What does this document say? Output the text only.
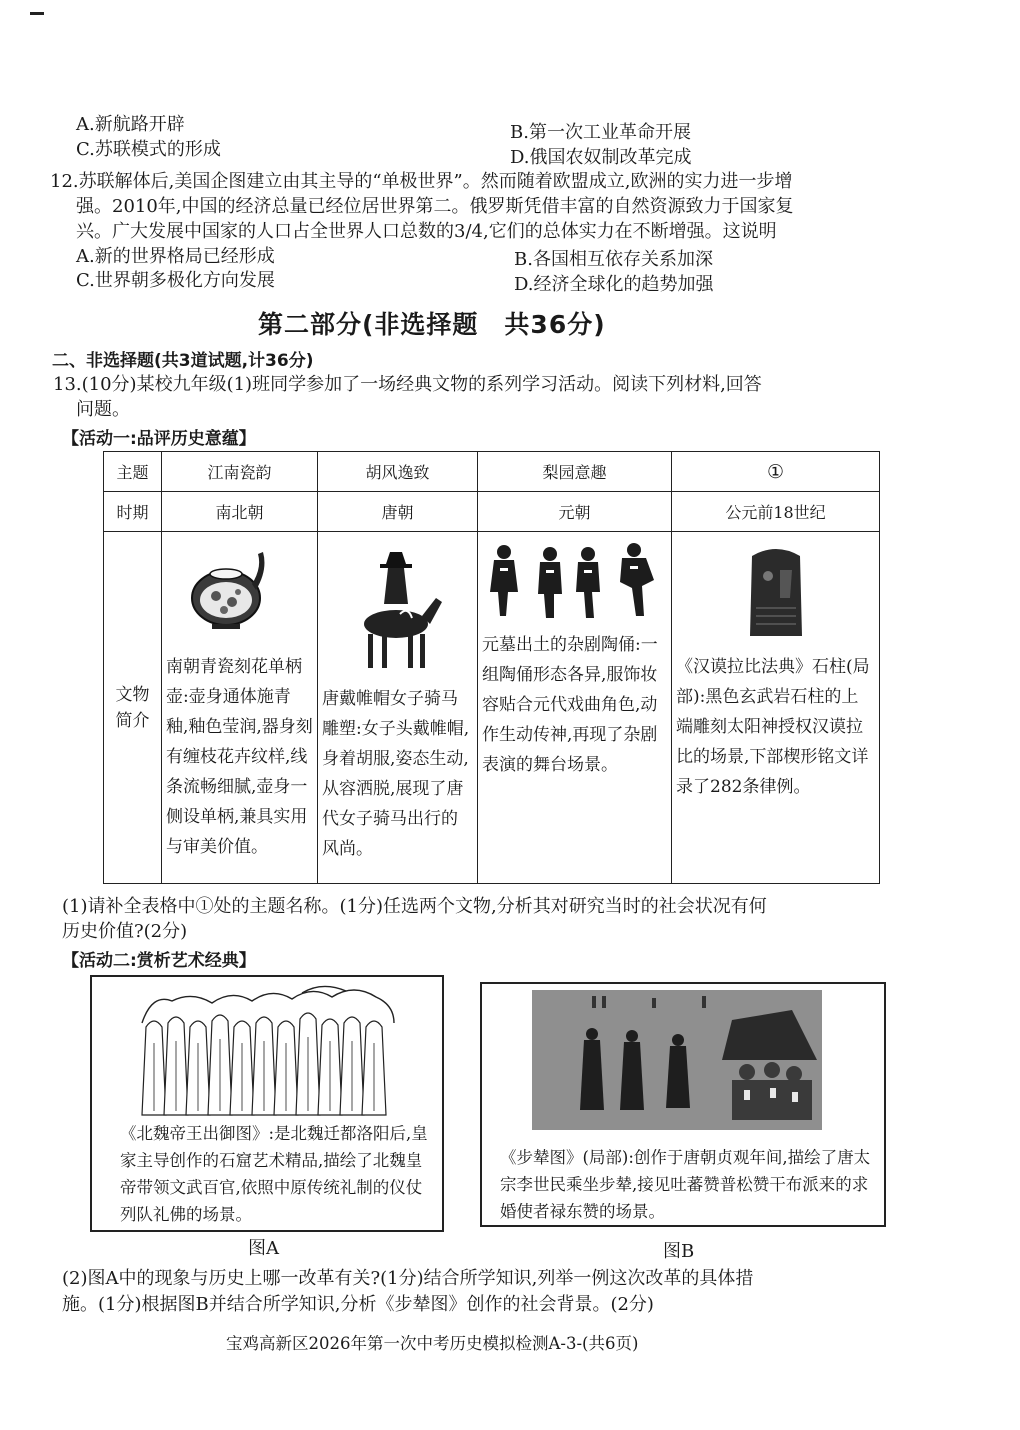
A.新航路开辟	B.第一次工业革命开展
C.苏联模式的形成	D.俄国农奴制改革完成
12.苏联解体后,美国企图建立由其主导的“单极世界”。然而随着欧盟成立,欧洲的实力进一步增
强。2010年,中国的经济总量已经位居世界第二。俄罗斯凭借丰富的自然资源致力于国家复
兴。广大发展中国家的人口占全世界人口总数的3/4,它们的总体实力在不断增强。这说明
A.新的世界格局已经形成	B.各国相互依存关系加深
C.世界朝多极化方向发展	D.经济全球化的趋势加强
第二部分(非选择题　共36分)
二、非选择题(共3道试题,计36分)
13.(10分)某校九年级(1)班同学参加了一场经典文物的系列学习活动。阅读下列材料,回答
问题。
【活动一:品评历史意蕴】
主题	江南瓷韵	胡风逸致	梨园意趣	①
时期	南北朝	唐朝	元朝	公元前18世纪
文物简介	南朝青瓷刻花单柄壶:壶身通体施青釉,釉色莹润,器身刻有缠枝花卉纹样,线条流畅细腻,壶身一侧设单柄,兼具实用与审美价值。	唐戴帷帽女子骑马雕塑:女子头戴帷帽,身着胡服,姿态生动,从容洒脱,展现了唐代女子骑马出行的风尚。	元墓出土的杂剧陶俑:一组陶俑形态各异,服饰妆容贴合元代戏曲角色,动作生动传神,再现了杂剧表演的舞台场景。	《汉谟拉比法典》石柱(局部):黑色玄武岩石柱的上端雕刻太阳神授权汉谟拉比的场景,下部楔形铭文详录了282条律例。
(1)请补全表格中①处的主题名称。(1分)任选两个文物,分析其对研究当时的社会状况有何
历史价值?(2分)
【活动二:赏析艺术经典】
《北魏帝王出御图》:是北魏迁都洛阳后,皇家主导创作的石窟艺术精品,描绘了北魏皇帝带领文武百官,依照中原传统礼制的仪仗列队礼佛的场景。
图A
《步辇图》(局部):创作于唐朝贞观年间,描绘了唐太宗李世民乘坐步辇,接见吐蕃赞普松赞干布派来的求婚使者禄东赞的场景。
图B
(2)图A中的现象与历史上哪一改革有关?(1分)结合所学知识,列举一例这次改革的具体措
施。(1分)根据图B并结合所学知识,分析《步辇图》创作的社会背景。(2分)
宝鸡高新区2026年第一次中考历史模拟检测A-3-(共6页)
